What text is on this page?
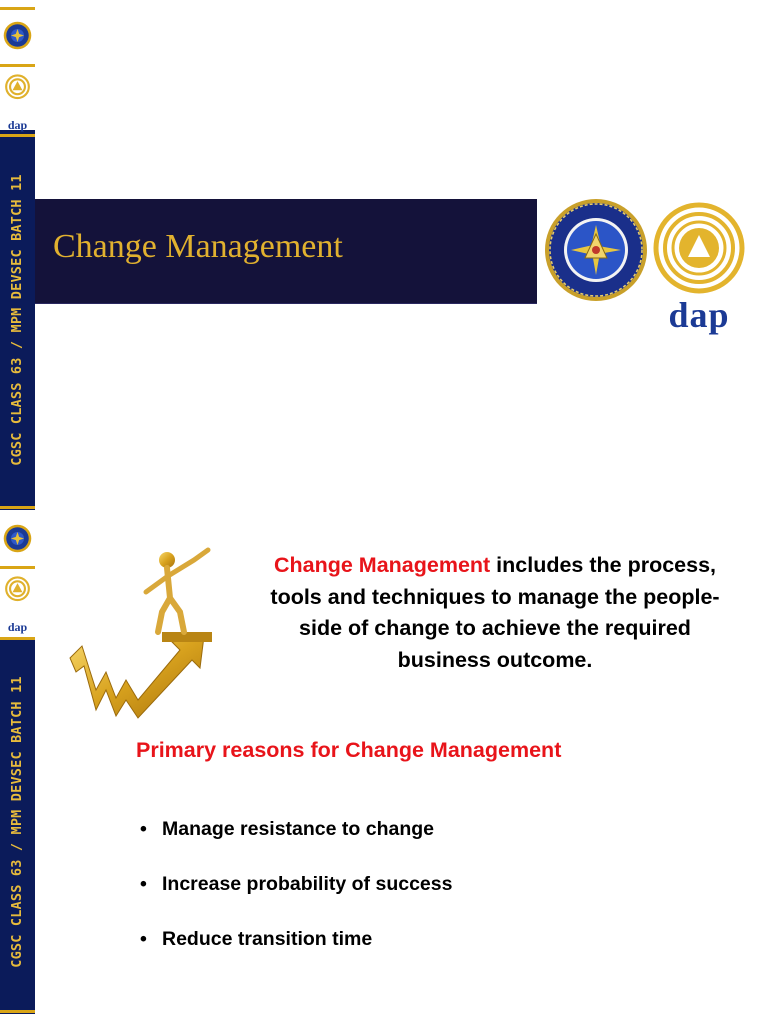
dap
CGSC CLASS 63 / MPM DEVSEC BATCH 11
dap
CGSC CLASS 63 / MPM DEVSEC BATCH 11
Change Management
dap
Change Management includes the process, tools and techniques to manage the people-side of change to achieve the required business outcome.
Primary reasons for Change Management
• Manage resistance to change
• Increase probability of success
• Reduce transition time
